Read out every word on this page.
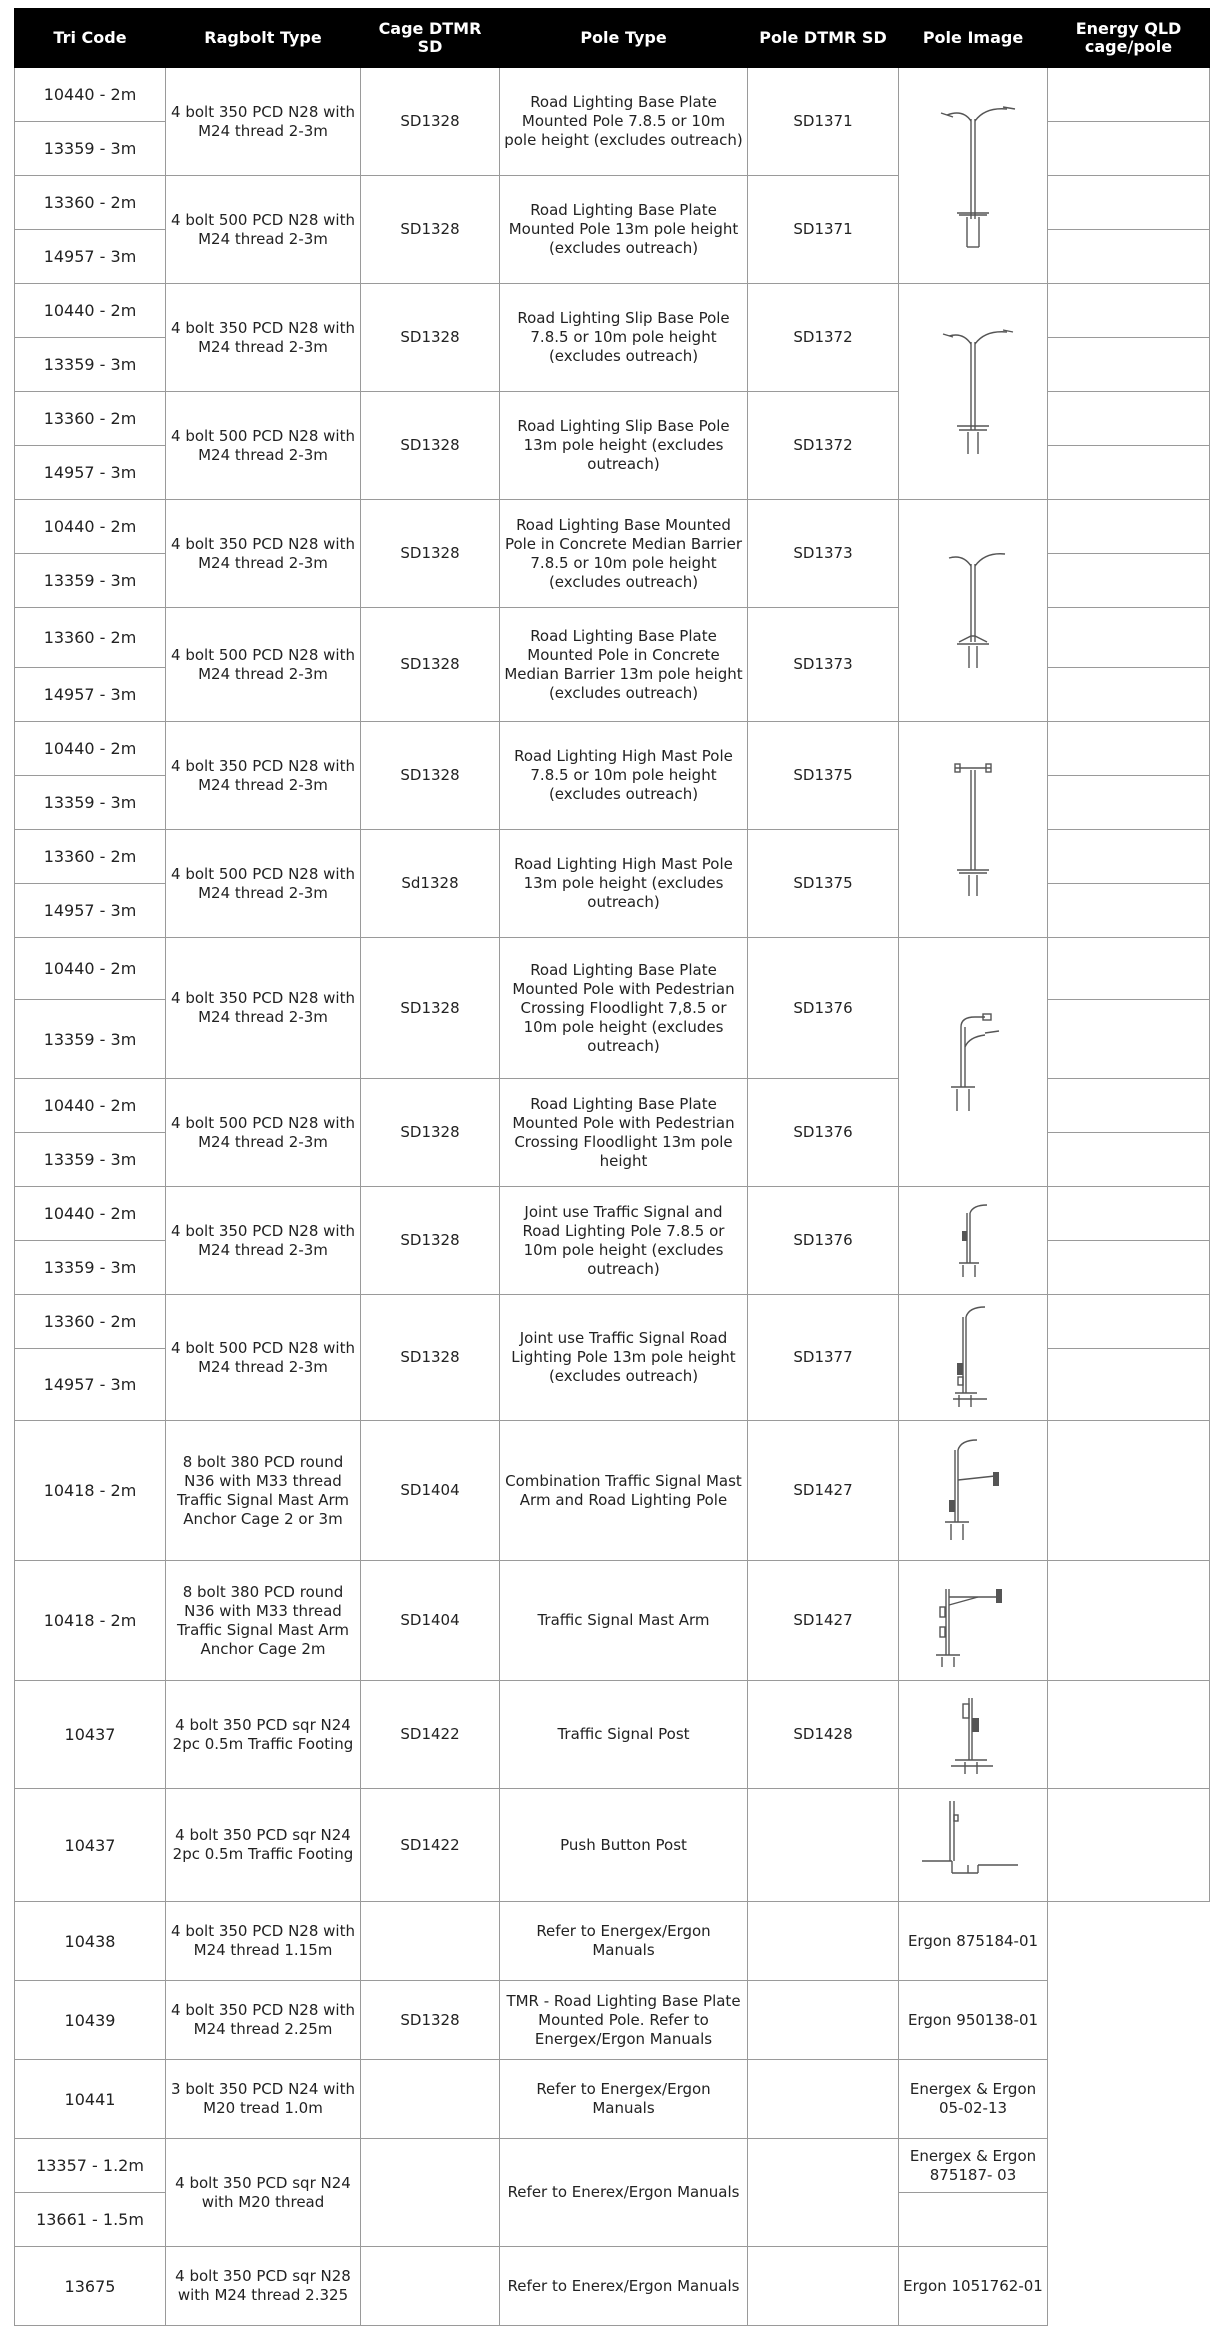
Tri Code	Ragbolt Type	Cage DTMR SD	Pole Type	Pole DTMR SD	Pole Image	Energy QLD cage/pole
10440 - 2m	4 bolt 350 PCD N28 with M24 thread 2-3m	SD1328	Road Lighting Base Plate Mounted Pole 7.8.5 or 10m pole height (excludes outreach)	SD1371	

13359 - 3m						
13360 - 2m	4 bolt 500 PCD N28 with M24 thread 2-3m	SD1328	Road Lighting Base Plate Mounted Pole 13m pole height (excludes outreach)	SD1371		
14957 - 3m						
10440 - 2m	4 bolt 350 PCD N28 with M24 thread 2-3m	SD1328	Road Lighting Slip Base Pole 7.8.5 or 10m pole height (excludes outreach)	SD1372	

13359 - 3m						
13360 - 2m	4 bolt 500 PCD N28 with M24 thread 2-3m	SD1328	Road Lighting Slip Base Pole 13m pole height (excludes outreach)	SD1372		
14957 - 3m						
10440 - 2m	4 bolt 350 PCD N28 with M24 thread 2-3m	SD1328	Road Lighting Base Mounted Pole in Concrete Median Barrier 7.8.5 or 10m pole height (excludes outreach)	SD1373	

13359 - 3m						
13360 - 2m	4 bolt 500 PCD N28 with M24 thread 2-3m	SD1328	Road Lighting Base Plate Mounted Pole in Concrete Median Barrier 13m pole height (excludes outreach)	SD1373		
14957 - 3m						
10440 - 2m	4 bolt 350 PCD N28 with M24 thread 2-3m	SD1328	Road Lighting High Mast Pole 7.8.5 or 10m pole height (excludes outreach)	SD1375	

13359 - 3m						
13360 - 2m	4 bolt 500 PCD N28 with M24 thread 2-3m	Sd1328	Road Lighting High Mast Pole 13m pole height (excludes outreach)	SD1375		
14957 - 3m						
10440 - 2m	4 bolt 350 PCD N28 with M24 thread 2-3m	SD1328	Road Lighting Base Plate Mounted Pole with Pedestrian Crossing Floodlight 7,8.5 or 10m pole height (excludes outreach)	SD1376	

13359 - 3m						
10440 - 2m	4 bolt 500 PCD N28 with M24 thread 2-3m	SD1328	Road Lighting Base Plate Mounted Pole with Pedestrian Crossing Floodlight 13m pole height	SD1376		
13359 - 3m						
10440 - 2m	4 bolt 350 PCD N28 with M24 thread 2-3m	SD1328	Joint use Traffic Signal and Road Lighting Pole 7.8.5 or 10m pole height (excludes outreach)	SD1376	

13359 - 3m						
13360 - 2m	4 bolt 500 PCD N28 with M24 thread 2-3m	SD1328	Joint use Traffic Signal Road Lighting Pole 13m pole height (excludes outreach)	SD1377	

14957 - 3m						
10418 - 2m	8 bolt 380 PCD round N36 with M33 thread Traffic Signal Mast Arm Anchor Cage 2 or 3m	SD1404	Combination Traffic Signal Mast Arm and Road Lighting Pole	SD1427	

10418 - 2m	8 bolt 380 PCD round N36 with M33 thread Traffic Signal Mast Arm Anchor Cage 2m	SD1404	Traffic Signal Mast Arm	SD1427	

10437	4 bolt 350 PCD sqr N24 2pc 0.5m Traffic Footing	SD1422	Traffic Signal Post	SD1428	

10437	4 bolt 350 PCD sqr N24 2pc 0.5m Traffic Footing	SD1422	Push Button Post		

10438	4 bolt 350 PCD N28 with M24 thread 1.15m		Refer to Energex/Ergon Manuals		Ergon 875184-01	
10439	4 bolt 350 PCD N28 with M24 thread 2.25m	SD1328	TMR - Road Lighting Base Plate Mounted Pole. Refer to Energex/Ergon Manuals		Ergon 950138-01	
10441	3 bolt 350 PCD N24 with M20 tread 1.0m		Refer to Energex/Ergon Manuals		Energex & Ergon 05-02-13	
13357 - 1.2m	4 bolt 350 PCD sqr N24 with M20 thread		Refer to Enerex/Ergon Manuals		Energex & Ergon 875187- 03	
13661 - 1.5m						
13675	4 bolt 350 PCD sqr N28 with M24 thread 2.325		Refer to Enerex/Ergon Manuals		Ergon 1051762-01	
